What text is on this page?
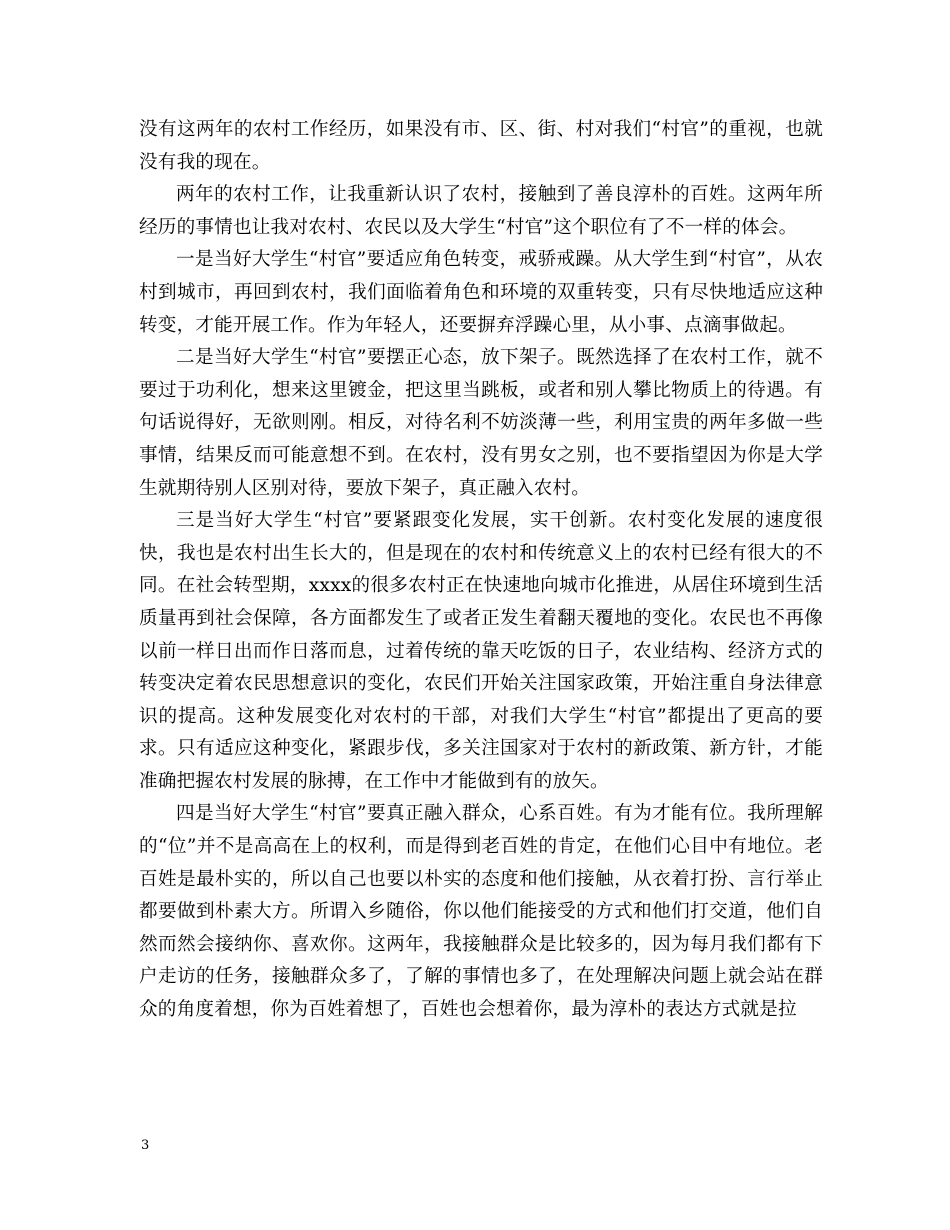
没有这两年的农村工作经历，如果没有市、区、街、村对我们“村官”的重视，也就没有我的现在。

两年的农村工作，让我重新认识了农村，接触到了善良淳朴的百姓。这两年所经历的事情也让我对农村、农民以及大学生“村官”这个职位有了不一样的体会。

一是当好大学生“村官”要适应角色转变，戒骄戒躁。从大学生到“村官”，从农村到城市，再回到农村，我们面临着角色和环境的双重转变，只有尽快地适应这种转变，才能开展工作。作为年轻人，还要摒弃浮躁心里，从小事、点滴事做起。

二是当好大学生“村官”要摆正心态，放下架子。既然选择了在农村工作，就不要过于功利化，想来这里镀金，把这里当跳板，或者和别人攀比物质上的待遇。有句话说得好，无欲则刚。相反，对待名利不妨淡薄一些，利用宝贵的两年多做一些事情，结果反而可能意想不到。在农村，没有男女之别，也不要指望因为你是大学生就期待别人区别对待，要放下架子，真正融入农村。

三是当好大学生“村官”要紧跟变化发展，实干创新。农村变化发展的速度很快，我也是农村出生长大的，但是现在的农村和传统意义上的农村已经有很大的不同。在社会转型期，xxxx的很多农村正在快速地向城市化推进，从居住环境到生活质量再到社会保障，各方面都发生了或者正发生着翻天覆地的变化。农民也不再像以前一样日出而作日落而息，过着传统的靠天吃饭的日子，农业结构、经济方式的转变决定着农民思想意识的变化，农民们开始关注国家政策，开始注重自身法律意识的提高。这种发展变化对农村的干部，对我们大学生“村官”都提出了更高的要求。只有适应这种变化，紧跟步伐，多关注国家对于农村的新政策、新方针，才能准确把握农村发展的脉搏，在工作中才能做到有的放矢。

四是当好大学生“村官”要真正融入群众，心系百姓。有为才能有位。我所理解的“位”并不是高高在上的权利，而是得到老百姓的肯定，在他们心目中有地位。老百姓是最朴实的，所以自己也要以朴实的态度和他们接触，从衣着打扮、言行举止都要做到朴素大方。所谓入乡随俗，你以他们能接受的方式和他们打交道，他们自然而然会接纳你、喜欢你。这两年，我接触群众是比较多的，因为每月我们都有下户走访的任务，接触群众多了，了解的事情也多了，在处理解决问题上就会站在群众的角度着想，你为百姓着想了，百姓也会想着你，最为淳朴的表达方式就是拉

3
